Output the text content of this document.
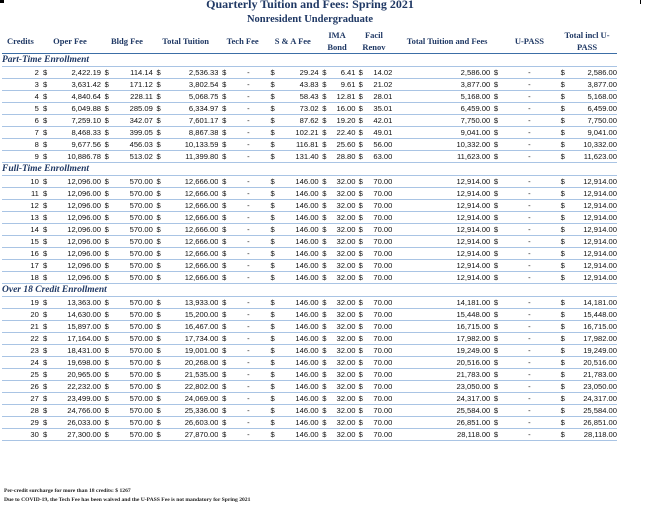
Quarterly Tuition and Fees: Spring 2021
Nonresident Undergraduate
Credits	Oper Fee		Bldg Fee		Total Tuition		Tech Fee		S & A Fee		IMA Bond		Facil Renov		Total Tuition and Fees		U-PASS	Total incl U-PASS	
Part-Time Enrollment																			
2	$	2,422.19	$	114.14	$	2,536.33	$	-	$	29.24	$	6.41	$	14.02	2,586.00	$	-	$	2,586.00
3	$	3,631.42	$	171.12	$	3,802.54	$	-	$	43.83	$	9.61	$	21.02	3,877.00	$	-	$	3,877.00
4	$	4,840.64	$	228.11	$	5,068.75	$	-	$	58.43	$	12.81	$	28.01	5,168.00	$	-	$	5,168.00
5	$	6,049.88	$	285.09	$	6,334.97	$	-	$	73.02	$	16.00	$	35.01	6,459.00	$	-	$	6,459.00
6	$	7,259.10	$	342.07	$	7,601.17	$	-	$	87.62	$	19.20	$	42.01	7,750.00	$	-	$	7,750.00
7	$	8,468.33	$	399.05	$	8,867.38	$	-	$	102.21	$	22.40	$	49.01	9,041.00	$	-	$	9,041.00
8	$	9,677.56	$	456.03	$	10,133.59	$	-	$	116.81	$	25.60	$	56.00	10,332.00	$	-	$	10,332.00
9	$	10,886.78	$	513.02	$	11,399.80	$	-	$	131.40	$	28.80	$	63.00	11,623.00	$	-	$	11,623.00
Full-Time Enrollment																			
10	$	12,096.00	$	570.00	$	12,666.00	$	-	$	146.00	$	32.00	$	70.00	12,914.00	$	-	$	12,914.00
11	$	12,096.00	$	570.00	$	12,666.00	$	-	$	146.00	$	32.00	$	70.00	12,914.00	$	-	$	12,914.00
12	$	12,096.00	$	570.00	$	12,666.00	$	-	$	146.00	$	32.00	$	70.00	12,914.00	$	-	$	12,914.00
13	$	12,096.00	$	570.00	$	12,666.00	$	-	$	146.00	$	32.00	$	70.00	12,914.00	$	-	$	12,914.00
14	$	12,096.00	$	570.00	$	12,666.00	$	-	$	146.00	$	32.00	$	70.00	12,914.00	$	-	$	12,914.00
15	$	12,096.00	$	570.00	$	12,666.00	$	-	$	146.00	$	32.00	$	70.00	12,914.00	$	-	$	12,914.00
16	$	12,096.00	$	570.00	$	12,666.00	$	-	$	146.00	$	32.00	$	70.00	12,914.00	$	-	$	12,914.00
17	$	12,096.00	$	570.00	$	12,666.00	$	-	$	146.00	$	32.00	$	70.00	12,914.00	$	-	$	12,914.00
18	$	12,096.00	$	570.00	$	12,666.00	$	-	$	146.00	$	32.00	$	70.00	12,914.00	$	-	$	12,914.00
Over 18 Credit Enrollment																			
19	$	13,363.00	$	570.00	$	13,933.00	$	-	$	146.00	$	32.00	$	70.00	14,181.00	$	-	$	14,181.00
20	$	14,630.00	$	570.00	$	15,200.00	$	-	$	146.00	$	32.00	$	70.00	15,448.00	$	-	$	15,448.00
21	$	15,897.00	$	570.00	$	16,467.00	$	-	$	146.00	$	32.00	$	70.00	16,715.00	$	-	$	16,715.00
22	$	17,164.00	$	570.00	$	17,734.00	$	-	$	146.00	$	32.00	$	70.00	17,982.00	$	-	$	17,982.00
23	$	18,431.00	$	570.00	$	19,001.00	$	-	$	146.00	$	32.00	$	70.00	19,249.00	$	-	$	19,249.00
24	$	19,698.00	$	570.00	$	20,268.00	$	-	$	146.00	$	32.00	$	70.00	20,516.00	$	-	$	20,516.00
25	$	20,965.00	$	570.00	$	21,535.00	$	-	$	146.00	$	32.00	$	70.00	21,783.00	$	-	$	21,783.00
26	$	22,232.00	$	570.00	$	22,802.00	$	-	$	146.00	$	32.00	$	70.00	23,050.00	$	-	$	23,050.00
27	$	23,499.00	$	570.00	$	24,069.00	$	-	$	146.00	$	32.00	$	70.00	24,317.00	$	-	$	24,317.00
28	$	24,766.00	$	570.00	$	25,336.00	$	-	$	146.00	$	32.00	$	70.00	25,584.00	$	-	$	25,584.00
29	$	26,033.00	$	570.00	$	26,603.00	$	-	$	146.00	$	32.00	$	70.00	26,851.00	$	-	$	26,851.00
30	$	27,300.00	$	570.00	$	27,870.00	$	-	$	146.00	$	32.00	$	70.00	28,118.00	$	-	$	28,118.00
Per-credit surcharge for more than 18 credits: $ 1267
Due to COVID-19, the Tech Fee has been waived and the U-PASS Fee is not mandatory for Spring 2021
